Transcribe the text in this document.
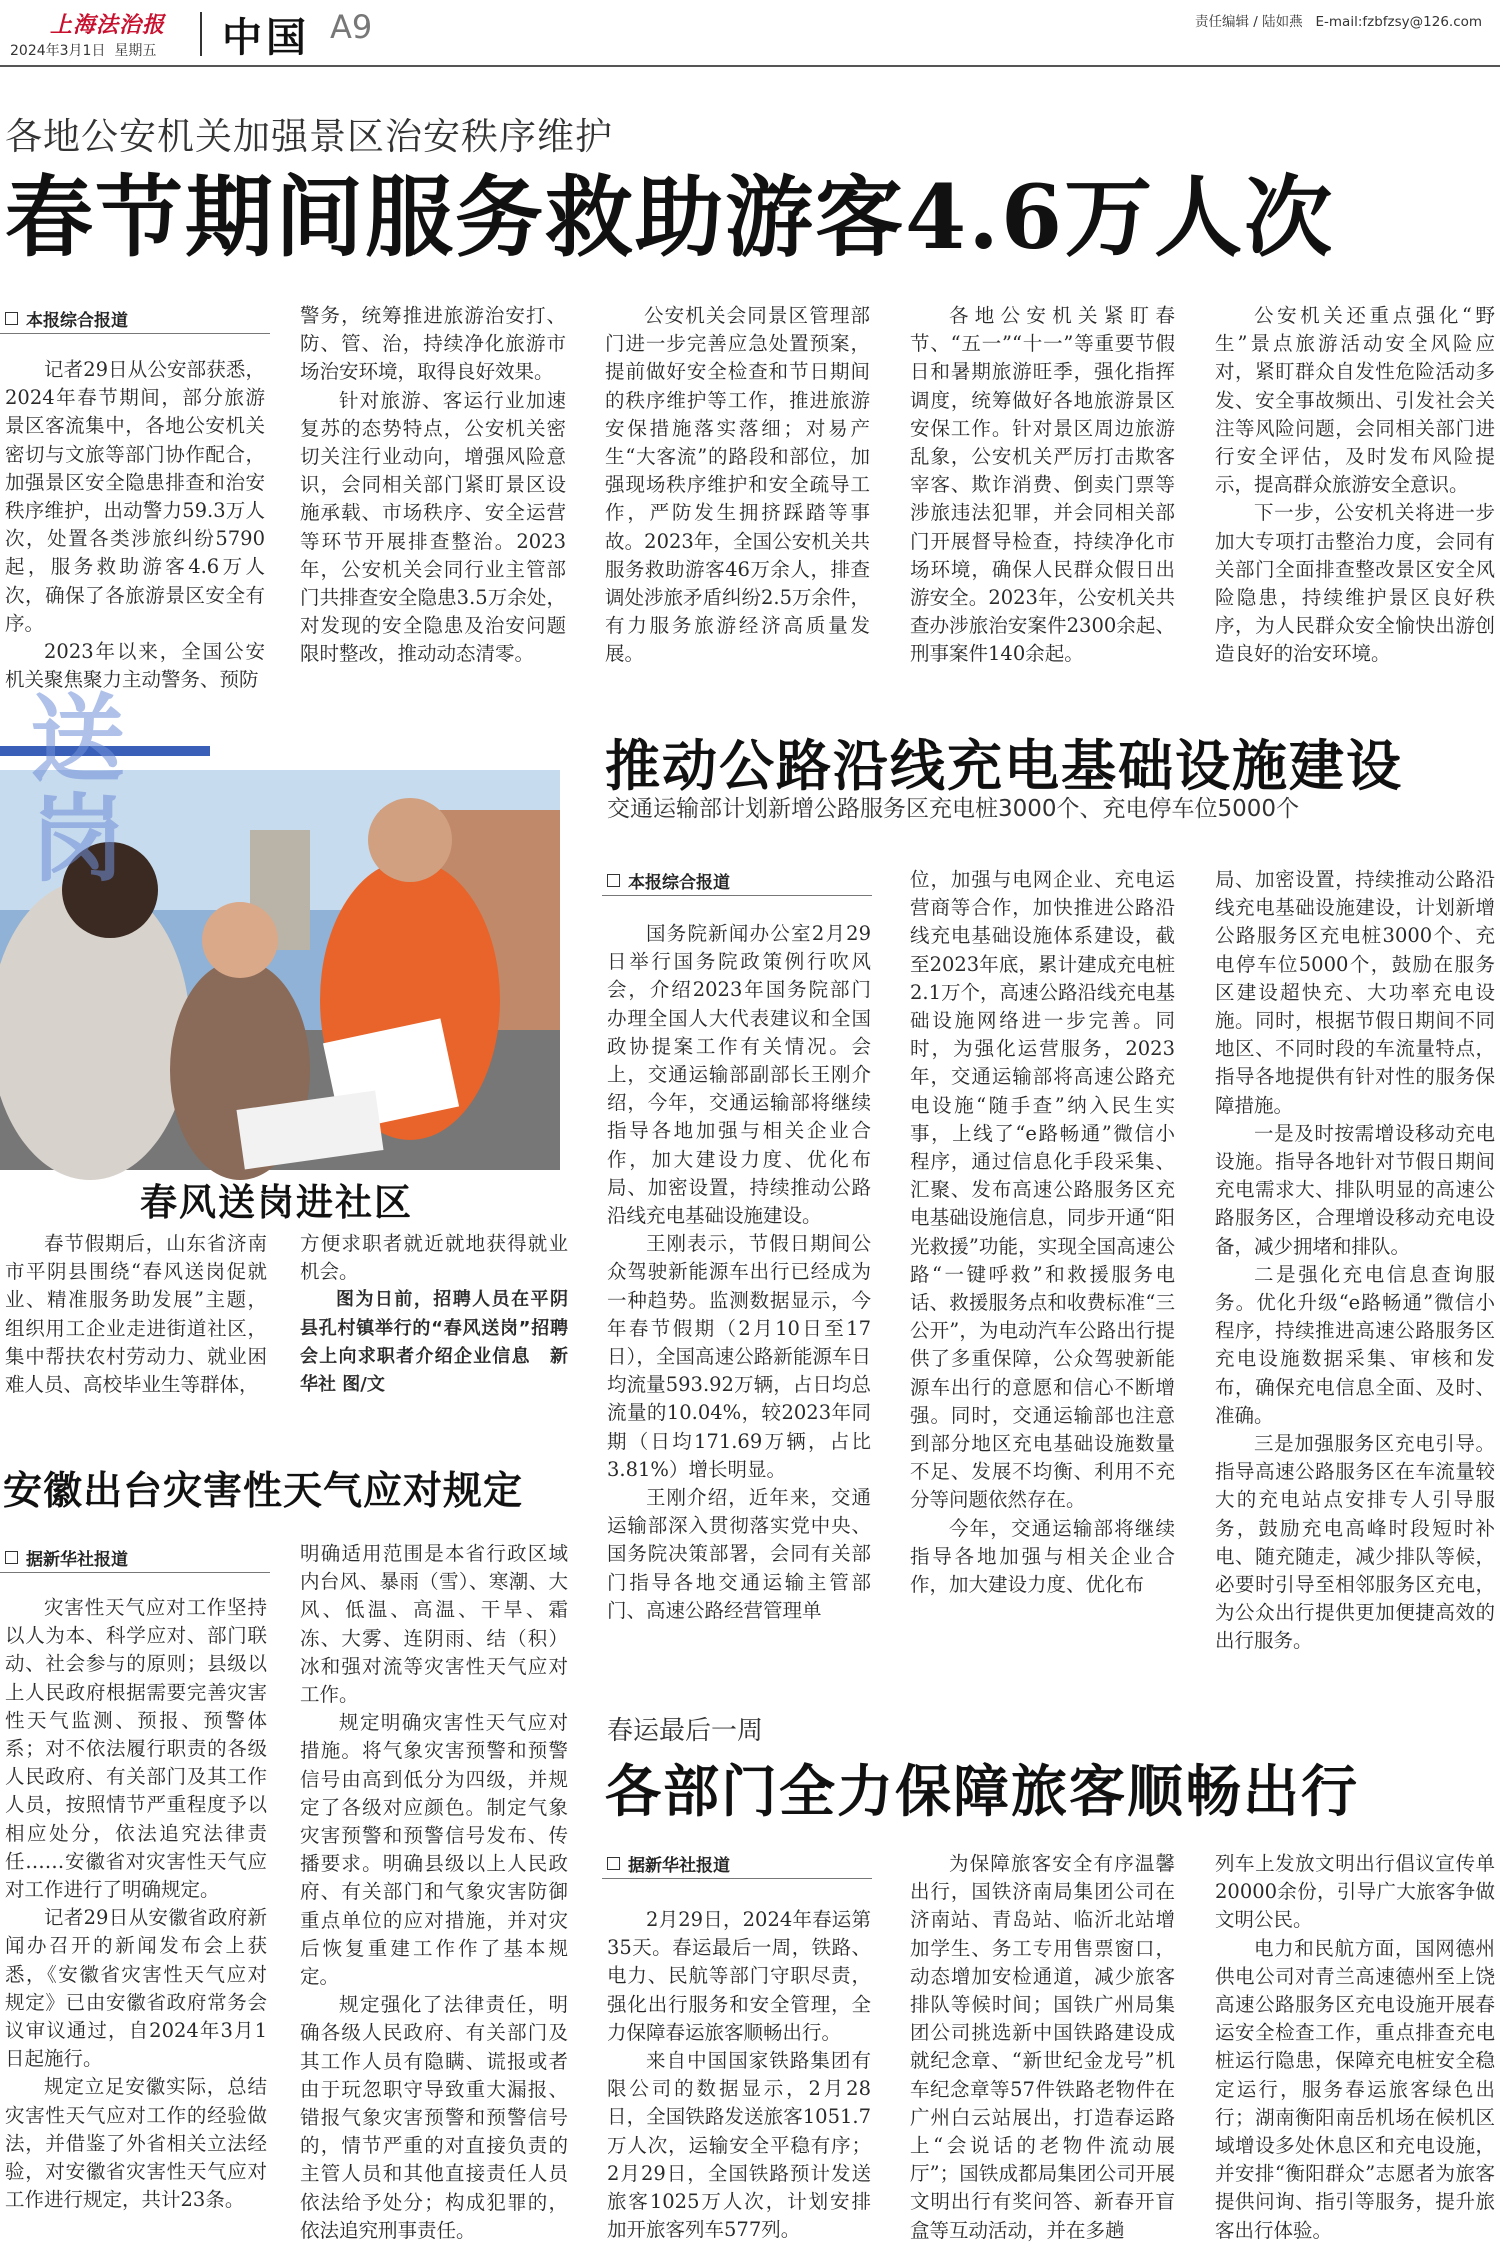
上海法治报
2024年3月1日  星期五 中国 A9	责任编辑 / 陆如燕   E-mail:fzbfzsy@126.com
各地公安机关加强景区治安秩序维护
春节期间服务救助游客4.6万人次
本报综合报道

记者29日从公安部获悉，2024年春节期间，部分旅游景区客流集中，各地公安机关密切与文旅等部门协作配合，加强景区安全隐患排查和治安秩序维护，出动警力59.3万人次，处置各类涉旅纠纷5790起，服务救助游客4.6万人次，确保了各旅游景区安全有序。

2023年以来，全国公安机关聚焦聚力主动警务、预防

警务，统筹推进旅游治安打、防、管、治，持续净化旅游市场治安环境，取得良好效果。

针对旅游、客运行业加速复苏的态势特点，公安机关密切关注行业动向，增强风险意识，会同相关部门紧盯景区设施承载、市场秩序、安全运营等环节开展排查整治。2023年，公安机关会同行业主管部门共排查安全隐患3.5万余处，对发现的安全隐患及治安问题限时整改，推动动态清零。

公安机关会同景区管理部门进一步完善应急处置预案，提前做好安全检查和节日期间的秩序维护等工作，推进旅游安保措施落实落细；对易产生“大客流”的路段和部位，加强现场秩序维护和安全疏导工作，严防发生拥挤踩踏等事故。2023年，全国公安机关共服务救助游客46万余人，排查调处涉旅矛盾纠纷2.5万余件，有力服务旅游经济高质量发展。

各地公安机关紧盯春节、“五一”“十一”等重要节假日和暑期旅游旺季，强化指挥调度，统筹做好各地旅游景区安保工作。针对景区周边旅游乱象，公安机关严厉打击欺客宰客、欺诈消费、倒卖门票等涉旅违法犯罪，并会同相关部门开展督导检查，持续净化市场环境，确保人民群众假日出游安全。2023年，公安机关共查办涉旅治安案件2300余起、刑事案件140余起。

公安机关还重点强化“野生”景点旅游活动安全风险应对，紧盯群众自发性危险活动多发、安全事故频出、引发社会关注等风险问题，会同相关部门进行安全评估，及时发布风险提示，提高群众旅游安全意识。

下一步，公安机关将进一步加大专项打击整治力度，会同有关部门全面排查整改景区安全风险隐患，持续维护景区良好秩序，为人民群众安全愉快出游创造良好的治安环境。

送岗
春风送岗进社区

春节假期后，山东省济南市平阴县围绕“春风送岗促就业、精准服务助发展”主题，组织用工企业走进街道社区，集中帮扶农村劳动力、就业困难人员、高校毕业生等群体，

方便求职者就近就地获得就业机会。

图为日前，招聘人员在平阴县孔村镇举行的“春风送岗”招聘会上向求职者介绍企业信息　 新华社 图/文

安徽出台灾害性天气应对规定
据新华社报道

灾害性天气应对工作坚持以人为本、科学应对、部门联动、社会参与的原则；县级以上人民政府根据需要完善灾害性天气监测、预报、预警体系；对不依法履行职责的各级人民政府、有关部门及其工作人员，按照情节严重程度予以相应处分，依法追究法律责任……安徽省对灾害性天气应对工作进行了明确规定。

记者29日从安徽省政府新闻办召开的新闻发布会上获悉，《安徽省灾害性天气应对规定》已由安徽省政府常务会议审议通过，自2024年3月1日起施行。

规定立足安徽实际，总结灾害性天气应对工作的经验做法，并借鉴了外省相关立法经验，对安徽省灾害性天气应对工作进行规定，共计23条。

明确适用范围是本省行政区域内台风、暴雨（雪）、寒潮、大风、低温、高温、干旱、霜冻、大雾、连阴雨、结（积）冰和强对流等灾害性天气应对工作。

规定明确灾害性天气应对措施。将气象灾害预警和预警信号由高到低分为四级，并规定了各级对应颜色。制定气象灾害预警和预警信号发布、传播要求。明确县级以上人民政府、有关部门和气象灾害防御重点单位的应对措施，并对灾后恢复重建工作作了基本规定。

规定强化了法律责任，明确各级人民政府、有关部门及其工作人员有隐瞒、谎报或者由于玩忽职守导致重大漏报、错报气象灾害预警和预警信号的，情节严重的对直接负责的主管人员和其他直接责任人员依法给予处分；构成犯罪的，依法追究刑事责任。

推动公路沿线充电基础设施建设
交通运输部计划新增公路服务区充电桩3000个、充电停车位5000个
本报综合报道

国务院新闻办公室2月29日举行国务院政策例行吹风会，介绍2023年国务院部门办理全国人大代表建议和全国政协提案工作有关情况。会上，交通运输部副部长王刚介绍，今年，交通运输部将继续指导各地加强与相关企业合作，加大建设力度、优化布局、加密设置，持续推动公路沿线充电基础设施建设。

王刚表示，节假日期间公众驾驶新能源车出行已经成为一种趋势。监测数据显示，今年春节假期（2月10日至17日），全国高速公路新能源车日均流量593.92万辆，占日均总流量的10.04%，较2023年同期（日均171.69万辆，占比3.81%）增长明显。

王刚介绍，近年来，交通运输部深入贯彻落实党中央、国务院决策部署，会同有关部门指导各地交通运输主管部门、高速公路经营管理单

位，加强与电网企业、充电运营商等合作，加快推进公路沿线充电基础设施体系建设，截至2023年底，累计建成充电桩2.1万个，高速公路沿线充电基础设施网络进一步完善。同时，为强化运营服务，2023年，交通运输部将高速公路充电设施“随手查”纳入民生实事，上线了“e路畅通”微信小程序，通过信息化手段采集、汇聚、发布高速公路服务区充电基础设施信息，同步开通“阳光救援”功能，实现全国高速公路“一键呼救”和救援服务电话、救援服务点和收费标准“三公开”，为电动汽车公路出行提供了多重保障，公众驾驶新能源车出行的意愿和信心不断增强。同时，交通运输部也注意到部分地区充电基础设施数量不足、发展不均衡、利用不充分等问题依然存在。

今年，交通运输部将继续指导各地加强与相关企业合作，加大建设力度、优化布

局、加密设置，持续推动公路沿线充电基础设施建设，计划新增公路服务区充电桩3000个、充电停车位5000个，鼓励在服务区建设超快充、大功率充电设施。同时，根据节假日期间不同地区、不同时段的车流量特点，指导各地提供有针对性的服务保障措施。

一是及时按需增设移动充电设施。指导各地针对节假日期间充电需求大、排队明显的高速公路服务区，合理增设移动充电设备，减少拥堵和排队。

二是强化充电信息查询服务。优化升级“e路畅通”微信小程序，持续推进高速公路服务区充电设施数据采集、审核和发布，确保充电信息全面、及时、准确。

三是加强服务区充电引导。指导高速公路服务区在车流量较大的充电站点安排专人引导服务，鼓励充电高峰时段短时补电、随充随走，减少排队等候，必要时引导至相邻服务区充电，为公众出行提供更加便捷高效的出行服务。

春运最后一周
各部门全力保障旅客顺畅出行
据新华社报道

2月29日，2024年春运第35天。春运最后一周，铁路、电力、民航等部门守职尽责，强化出行服务和安全管理，全力保障春运旅客顺畅出行。

来自中国国家铁路集团有限公司的数据显示，2月28日，全国铁路发送旅客1051.7万人次，运输安全平稳有序；2月29日，全国铁路预计发送旅客1025万人次，计划安排加开旅客列车577列。

为保障旅客安全有序温馨出行，国铁济南局集团公司在济南站、青岛站、临沂北站增加学生、务工专用售票窗口，动态增加安检通道，减少旅客排队等候时间；国铁广州局集团公司挑选新中国铁路建设成就纪念章、“新世纪金龙号”机车纪念章等57件铁路老物件在广州白云站展出，打造春运路上“会说话的老物件流动展厅”；国铁成都局集团公司开展文明出行有奖问答、新春开盲盒等互动活动，并在多趟

列车上发放文明出行倡议宣传单20000余份，引导广大旅客争做文明公民。

电力和民航方面，国网德州供电公司对青兰高速德州至上饶高速公路服务区充电设施开展春运安全检查工作，重点排查充电桩运行隐患，保障充电桩安全稳定运行，服务春运旅客绿色出行；湖南衡阳南岳机场在候机区域增设多处休息区和充电设施，并安排“衡阳群众”志愿者为旅客提供问询、指引等服务，提升旅客出行体验。
